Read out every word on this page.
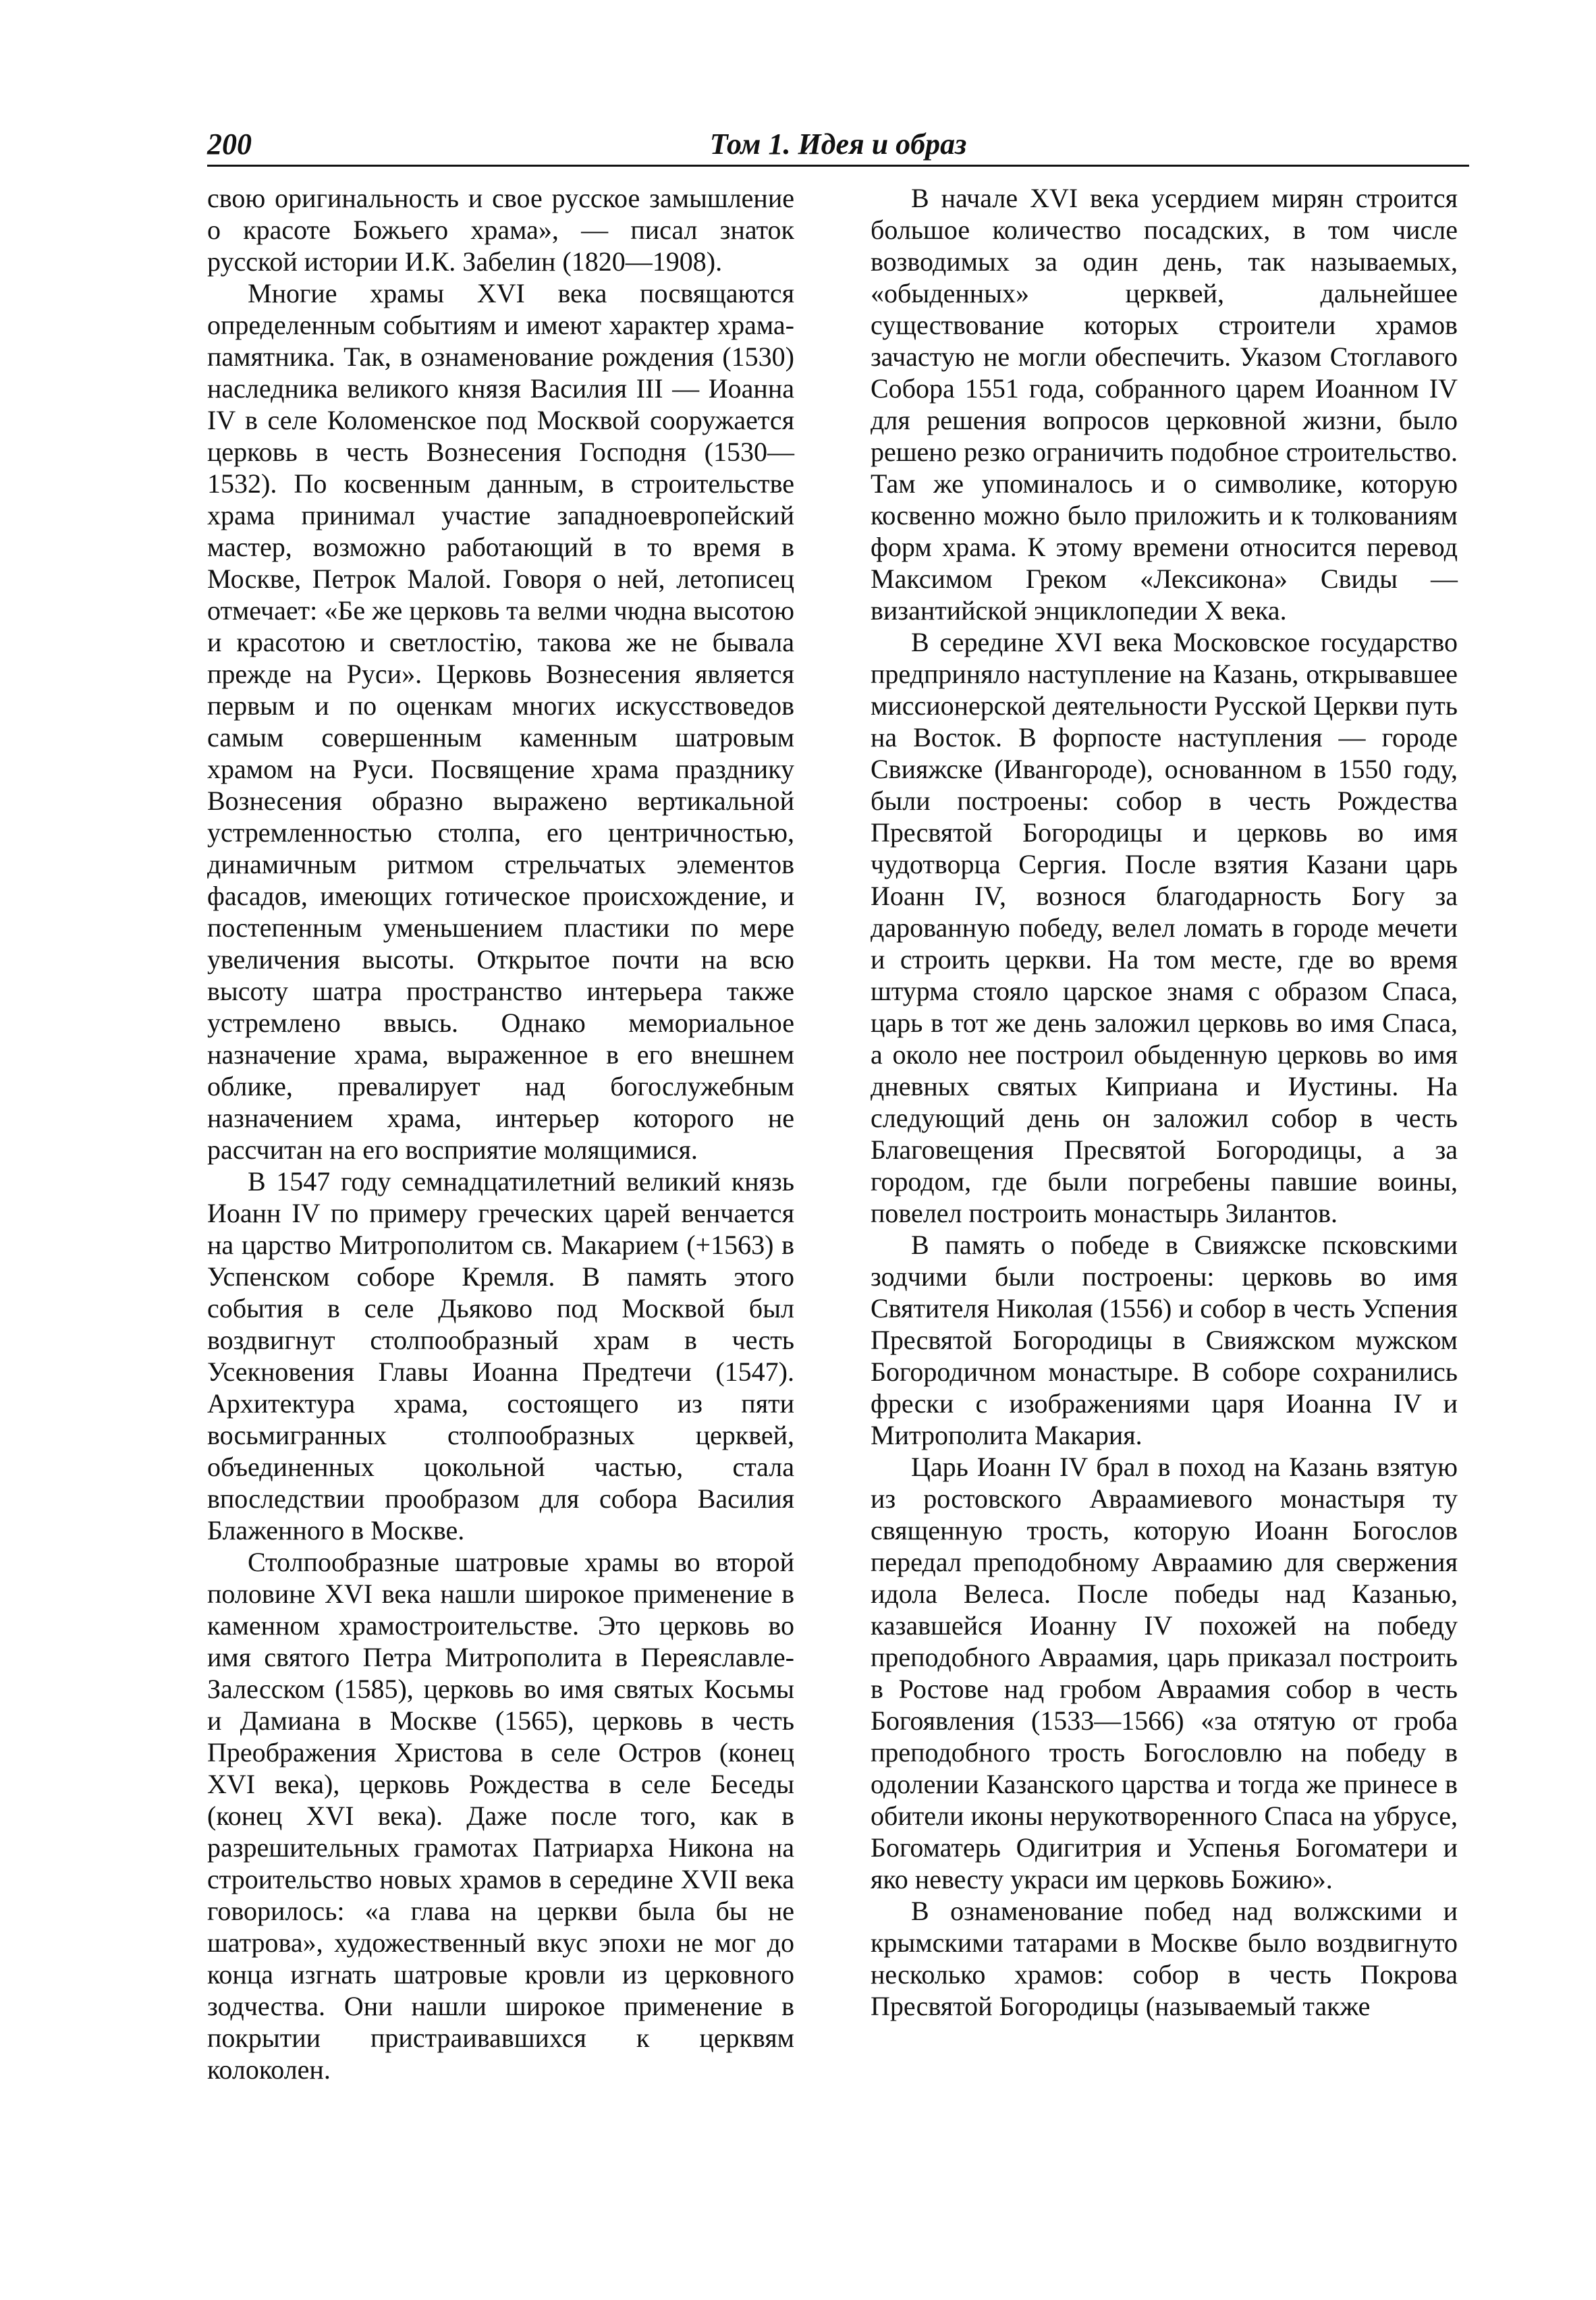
200	Том 1. Идея и образ

свою оригинальность и свое русское замышление о красоте Божьего храма», — писал знаток русской истории И.К. Забелин (1820—1908).

Многие храмы XVI века посвящаются определенным событиям и имеют характер храма-памятника. Так, в ознаменование рождения (1530) наследника великого князя Василия III — Иоанна IV в селе Коломенское под Москвой сооружается церковь в честь Вознесения Господня (1530—1532). По косвенным данным, в строительстве храма принимал участие западноевропейский мастер, возможно работающий в то время в Москве, Петрок Малой. Говоря о ней, летописец отмечает: «Бе же церковь та велми чюдна высотою и красотою и светлостію, такова же не бывала прежде на Руси». Церковь Вознесения является первым и по оценкам многих искусствоведов самым совершенным каменным шатровым храмом на Руси. Посвящение храма празднику Вознесения образно выражено вертикальной устремленностью столпа, его центричностью, динамичным ритмом стрельчатых элементов фасадов, имеющих готическое происхождение, и постепенным уменьшением пластики по мере увеличения высоты. Открытое почти на всю высоту шатра пространство интерьера также устремлено ввысь. Однако мемориальное назначение храма, выраженное в его внешнем облике, превалирует над богослужебным назначением храма, интерьер которого не рассчитан на его восприятие молящимися.

В 1547 году семнадцатилетний великий князь Иоанн IV по примеру греческих царей венчается на царство Митрополитом св. Макарием (+1563) в Успенском соборе Кремля. В память этого события в селе Дьяково под Москвой был воздвигнут столпообразный храм в честь Усекновения Главы Иоанна Предтечи (1547). Архитектура храма, состоящего из пяти восьмигранных столпообразных церквей, объединенных цокольной частью, стала впоследствии прообразом для собора Василия Блаженного в Москве.

Столпообразные шатровые храмы во второй половине XVI века нашли широкое применение в каменном храмостроительстве. Это церковь во имя святого Петра Митрополита в Переяславле-Залесском (1585), церковь во имя святых Косьмы и Дамиана в Москве (1565), церковь в честь Преображения Христова в селе Остров (конец XVI века), церковь Рождества в селе Беседы (конец XVI века). Даже после того, как в разрешительных грамотах Патриарха Никона на строительство новых храмов в середине XVII века говорилось: «а глава на церкви была бы не шатрова», художественный вкус эпохи не мог до конца изгнать шатровые кровли из церковного зодчества. Они нашли широкое применение в покрытии пристраивавшихся к церквям колоколен.

В начале XVI века усердием мирян строится большое количество посадских, в том числе возводимых за один день, так называемых, «обыденных» церквей, дальнейшее существование которых строители храмов зачастую не могли обеспечить. Указом Стоглавого Собора 1551 года, собранного царем Иоанном IV для решения вопросов церковной жизни, было решено резко ограничить подобное строительство. Там же упоминалось и о символике, которую косвенно можно было приложить и к толкованиям форм храма. К этому времени относится перевод Максимом Греком «Лексикона» Свиды — византийской энциклопедии X века.

В середине XVI века Московское государство предприняло наступление на Казань, открывавшее миссионерской деятельности Русской Церкви путь на Восток. В форпосте наступления — городе Свияжске (Ивангороде), основанном в 1550 году, были построены: собор в честь Рождества Пресвятой Богородицы и церковь во имя чудотворца Сергия. После взятия Казани царь Иоанн IV, вознося благодарность Богу за дарованную победу, велел ломать в городе мечети и строить церкви. На том месте, где во время штурма стояло царское знамя с образом Спаса, царь в тот же день заложил церковь во имя Спаса, а около нее построил обыденную церковь во имя дневных святых Киприана и Иустины. На следующий день он заложил собор в честь Благовещения Пресвятой Богородицы, а за городом, где были погребены павшие воины, повелел построить монастырь Зилантов.

В память о победе в Свияжске псковскими зодчими были построены: церковь во имя Святителя Николая (1556) и собор в честь Успения Пресвятой Богородицы в Свияжском мужском Богородичном монастыре. В соборе сохранились фрески с изображениями царя Иоанна IV и Митрополита Макария.

Царь Иоанн IV брал в поход на Казань взятую из ростовского Авраамиевого монастыря ту священную трость, которую Иоанн Богослов передал преподобному Авраамию для свержения идола Велеса. После победы над Казанью, казавшейся Иоанну IV похожей на победу преподобного Авраамия, царь приказал построить в Ростове над гробом Авраамия собор в честь Богоявления (1533—1566) «за отятую от гроба преподобного трость Богословлю на победу в одолении Казанского царства и тогда же принесе в обители иконы нерукотворенного Спаса на убрусе, Богоматерь Одигитрия и Успенья Богоматери и яко невесту украси им церковь Божию».

В ознаменование побед над волжскими и крымскими татарами в Москве было воздвигнуто несколько храмов: собор в честь Покрова Пресвятой Богородицы (называемый также
